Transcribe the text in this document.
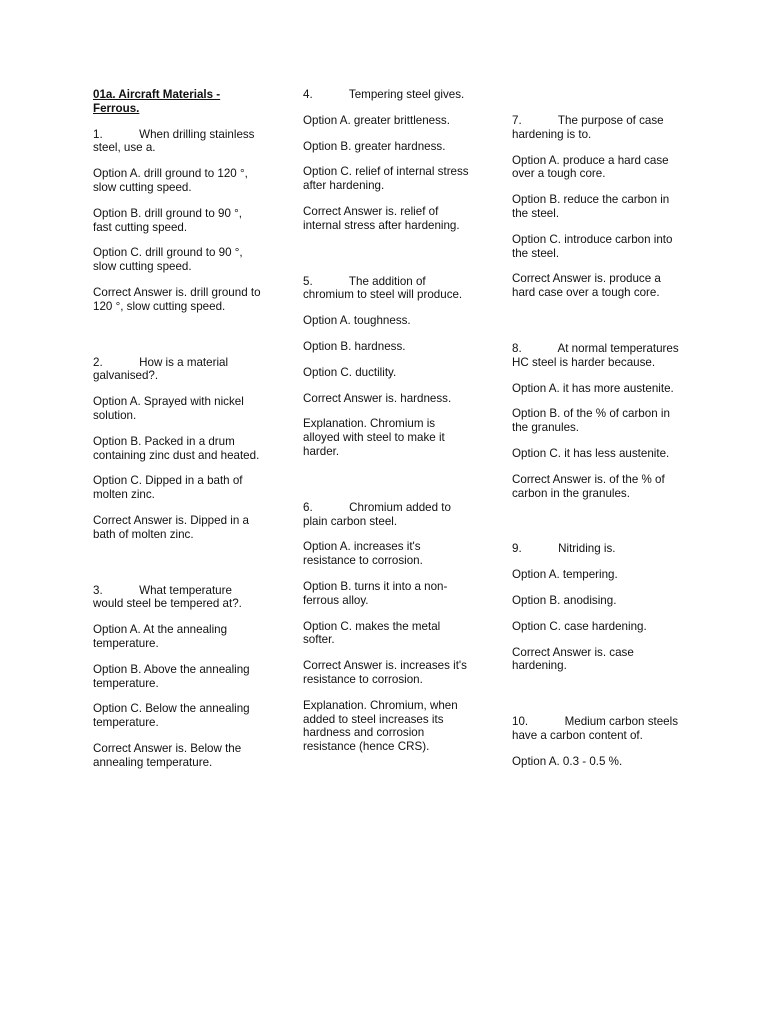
01a. Aircraft Materials - Ferrous.
1.	When drilling stainless steel, use a.
Option A. drill ground to 120 °, slow cutting speed.
Option B. drill ground to 90 °, fast cutting speed.
Option C. drill ground to 90 °, slow cutting speed.
Correct Answer is. drill ground to 120 °, slow cutting speed.
2.	How is a material galvanised?.
Option A. Sprayed with nickel solution.
Option B. Packed in a drum containing zinc dust and heated.
Option C. Dipped in a bath of molten zinc.
Correct Answer is. Dipped in a bath of molten zinc.
3.	What temperature would steel be tempered at?.
Option A. At the annealing temperature.
Option B. Above the annealing temperature.
Option C. Below the annealing temperature.
Correct Answer is. Below the annealing temperature.
4.	Tempering steel gives.
Option A. greater brittleness.
Option B. greater hardness.
Option C. relief of internal stress after hardening.
Correct Answer is. relief of internal stress after hardening.
5.	The addition of chromium to steel will produce.
Option A. toughness.
Option B. hardness.
Option C. ductility.
Correct Answer is. hardness.
Explanation. Chromium is alloyed with steel to make it harder.
6.	Chromium added to plain carbon steel.
Option A. increases it's resistance to corrosion.
Option B. turns it into a non-ferrous alloy.
Option C. makes the metal softer.
Correct Answer is. increases it's resistance to corrosion.
Explanation. Chromium, when added to steel increases its hardness and corrosion resistance (hence CRS).
7.	The purpose of case hardening is to.
Option A. produce a hard case over a tough core.
Option B. reduce the carbon in the steel.
Option C. introduce carbon into the steel.
Correct Answer is. produce a hard case over a tough core.
8.	At normal temperatures HC steel is harder because.
Option A. it has more austenite.
Option B. of the % of carbon in the granules.
Option C. it has less austenite.
Correct Answer is. of the % of carbon in the granules.
9.	Nitriding is.
Option A. tempering.
Option B. anodising.
Option C. case hardening.
Correct Answer is. case hardening.
10.	Medium carbon steels have a carbon content of.
Option A. 0.3 - 0.5 %.
